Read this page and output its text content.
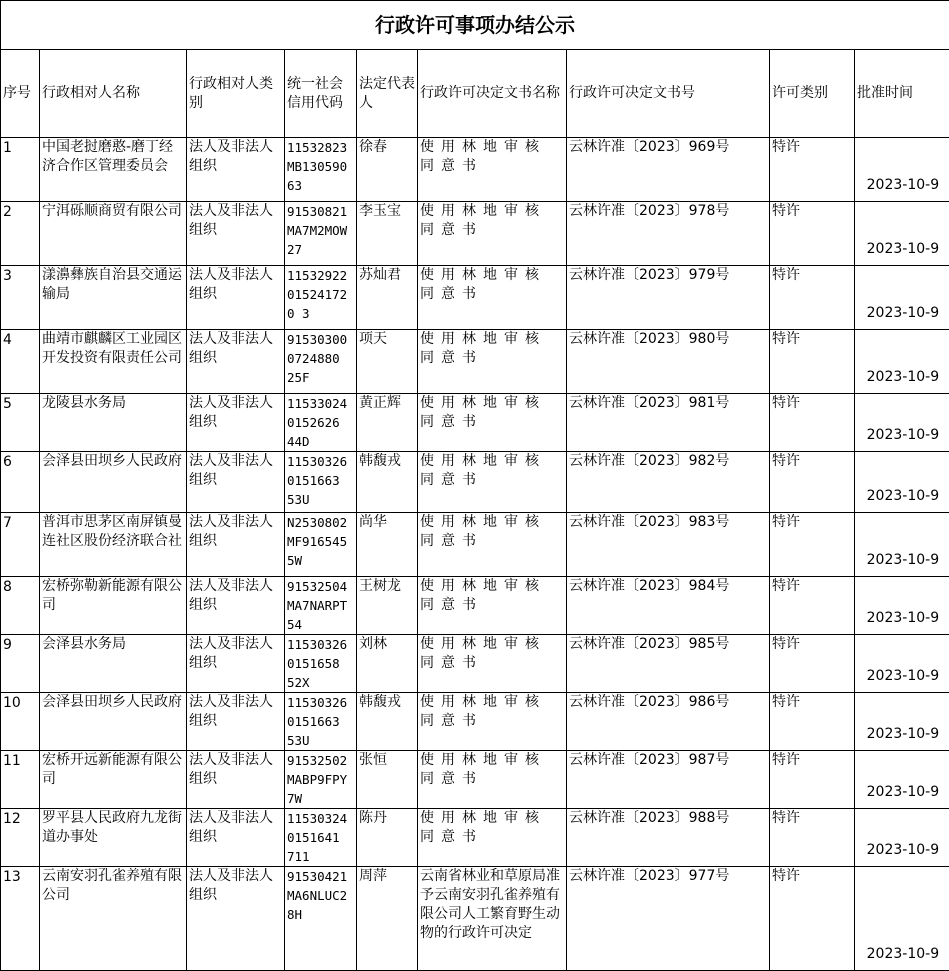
行政许可事项办结公示								
序号	行政相对人名称	行政相对人类别	统一社会信用代码	法定代表人	行政许可决定文书名称	行政许可决定文书号	许可类别	批准时间
1	中国老挝磨憨-磨丁经济合作区管理委员会	法人及非法人组织	11532823MB13059063	徐春	使用林地审核同意书	云林许准〔2023〕969号	特许	2023-10-9
2	宁洱砾顺商贸有限公司	法人及非法人组织	91530821MA7M2MOW27	李玉宝	使用林地审核同意书	云林许准〔2023〕978号	特许	2023-10-9
3	漾濞彝族自治县交通运输局	法人及非法人组织	11532922015241720 3	苏灿君	使用林地审核同意书	云林许准〔2023〕979号	特许	2023-10-9
4	曲靖市麒麟区工业园区开发投资有限责任公司	法人及非法人组织	915303000724880 25F	项天	使用林地审核同意书	云林许准〔2023〕980号	特许	2023-10-9
5	龙陵县水务局	法人及非法人组织	115330240152626 44D	黄正辉	使用林地审核同意书	云林许准〔2023〕981号	特许	2023-10-9
6	会泽县田坝乡人民政府	法人及非法人组织	115303260151663 53U	韩馥戎	使用林地审核同意书	云林许准〔2023〕982号	特许	2023-10-9
7	普洱市思茅区南屏镇曼连社区股份经济联合社	法人及非法人组织	N2530802MF916545 5W	尚华	使用林地审核同意书	云林许准〔2023〕983号	特许	2023-10-9
8	宏桥弥勒新能源有限公司	法人及非法人组织	91532504MA7NARPT54	王树龙	使用林地审核同意书	云林许准〔2023〕984号	特许	2023-10-9
9	会泽县水务局	法人及非法人组织	115303260151658 52X	刘林	使用林地审核同意书	云林许准〔2023〕985号	特许	2023-10-9
10	会泽县田坝乡人民政府	法人及非法人组织	115303260151663 53U	韩馥戎	使用林地审核同意书	云林许准〔2023〕986号	特许	2023-10-9
11	宏桥开远新能源有限公司	法人及非法人组织	91532502MABP9FPY7W	张恒	使用林地审核同意书	云林许准〔2023〕987号	特许	2023-10-9
12	罗平县人民政府九龙街道办事处	法人及非法人组织	115303240151641 711	陈丹	使用林地审核同意书	云林许准〔2023〕988号	特许	2023-10-9
13	云南安羽孔雀养殖有限公司	法人及非法人组织	91530421MA6NLUC28H	周萍	云南省林业和草原局准予云南安羽孔雀养殖有限公司人工繁育野生动物的行政许可决定	云林许准〔2023〕977号	特许	2023-10-9
